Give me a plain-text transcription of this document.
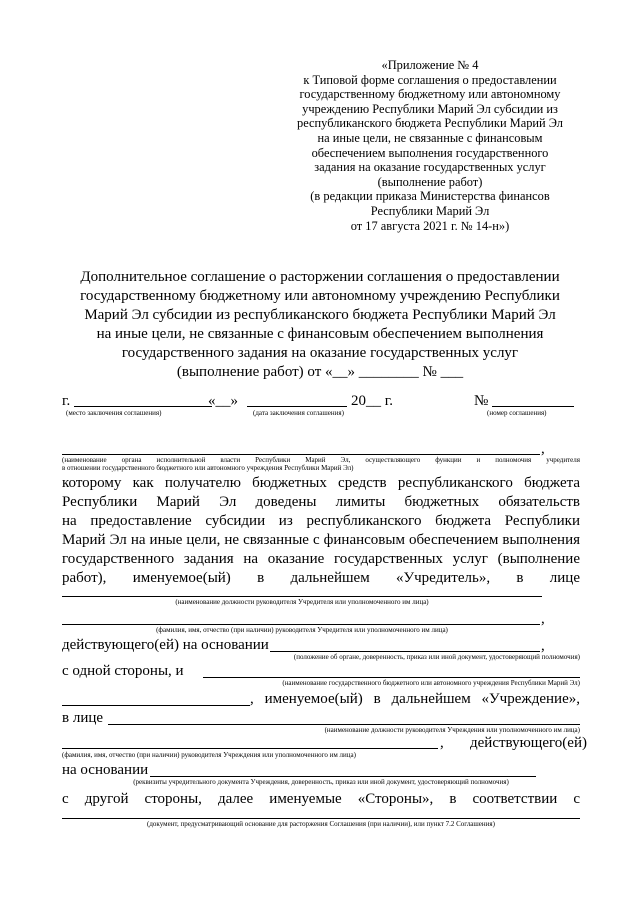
«Приложение № 4
к Типовой форме соглашения о предоставлении
государственному бюджетному или автономному
учреждению Республики Марий Эл субсидии из
республиканского бюджета Республики Марий Эл
на иные цели, не связанные с финансовым
обеспечением выполнения государственного
задания на оказание государственных услуг
(выполнение работ)
(в редакции приказа Министерства финансов
Республики Марий Эл
от 17 августа 2021 г. № 14-н»)
Дополнительное соглашение о расторжении соглашения о предоставлении
государственному бюджетному или автономному учреждению Республики
Марий Эл субсидии из республиканского бюджета Республики Марий Эл
на иные цели, не связанные с финансовым обеспечением выполнения
государственного задания на оказание государственных услуг
(выполнение работ) от «__» ________ № ___
г.	«__»	20__ г.	№
(место заключения соглашения)	(дата заключения соглашения)	(номер соглашения)
,
(наименование органа исполнительной власти Республики Марий Эл, осуществляющего функции и полномочия учредителя
в отношении государственного бюджетного или автономного учреждения Республики Марий Эл)
которому как получателю бюджетных средств республиканского бюджета
Республики Марий Эл доведены лимиты бюджетных обязательств
на предоставление субсидии из республиканского бюджета Республики
Марий Эл на иные цели, не связанные с финансовым обеспечением выполнения
государственного задания на оказание государственных услуг (выполнение
работ), именуемое(ый) в дальнейшем «Учредитель», в лице
(наименование должности руководителя Учредителя или уполномоченного им лица)
,
(фамилия, имя, отчество (при наличии) руководителя Учредителя или уполномоченного им лица)
действующего(ей) на основании	,
(положение об органе, доверенность, приказ или иной документ, удостоверяющий полномочия)
с одной стороны, и
(наименование государственного бюджетного или автономного учреждения Республики Марий Эл)
, именуемое(ый) в дальнейшем «Учреждение»,
в лице
(наименование должности руководителя Учреждения или уполномоченного им лица)
, действующего(ей)
(фамилия, имя, отчество (при наличии) руководителя Учреждения или уполномоченного им лица)
на основании
(реквизиты учредительного документа Учреждения, доверенность, приказ или иной документ, удостоверяющий полномочия)
с другой стороны, далее именуемые «Стороны», в соответствии с
(документ, предусматривающий основание для расторжения Соглашения (при наличии), или пункт 7.2 Соглашения)
